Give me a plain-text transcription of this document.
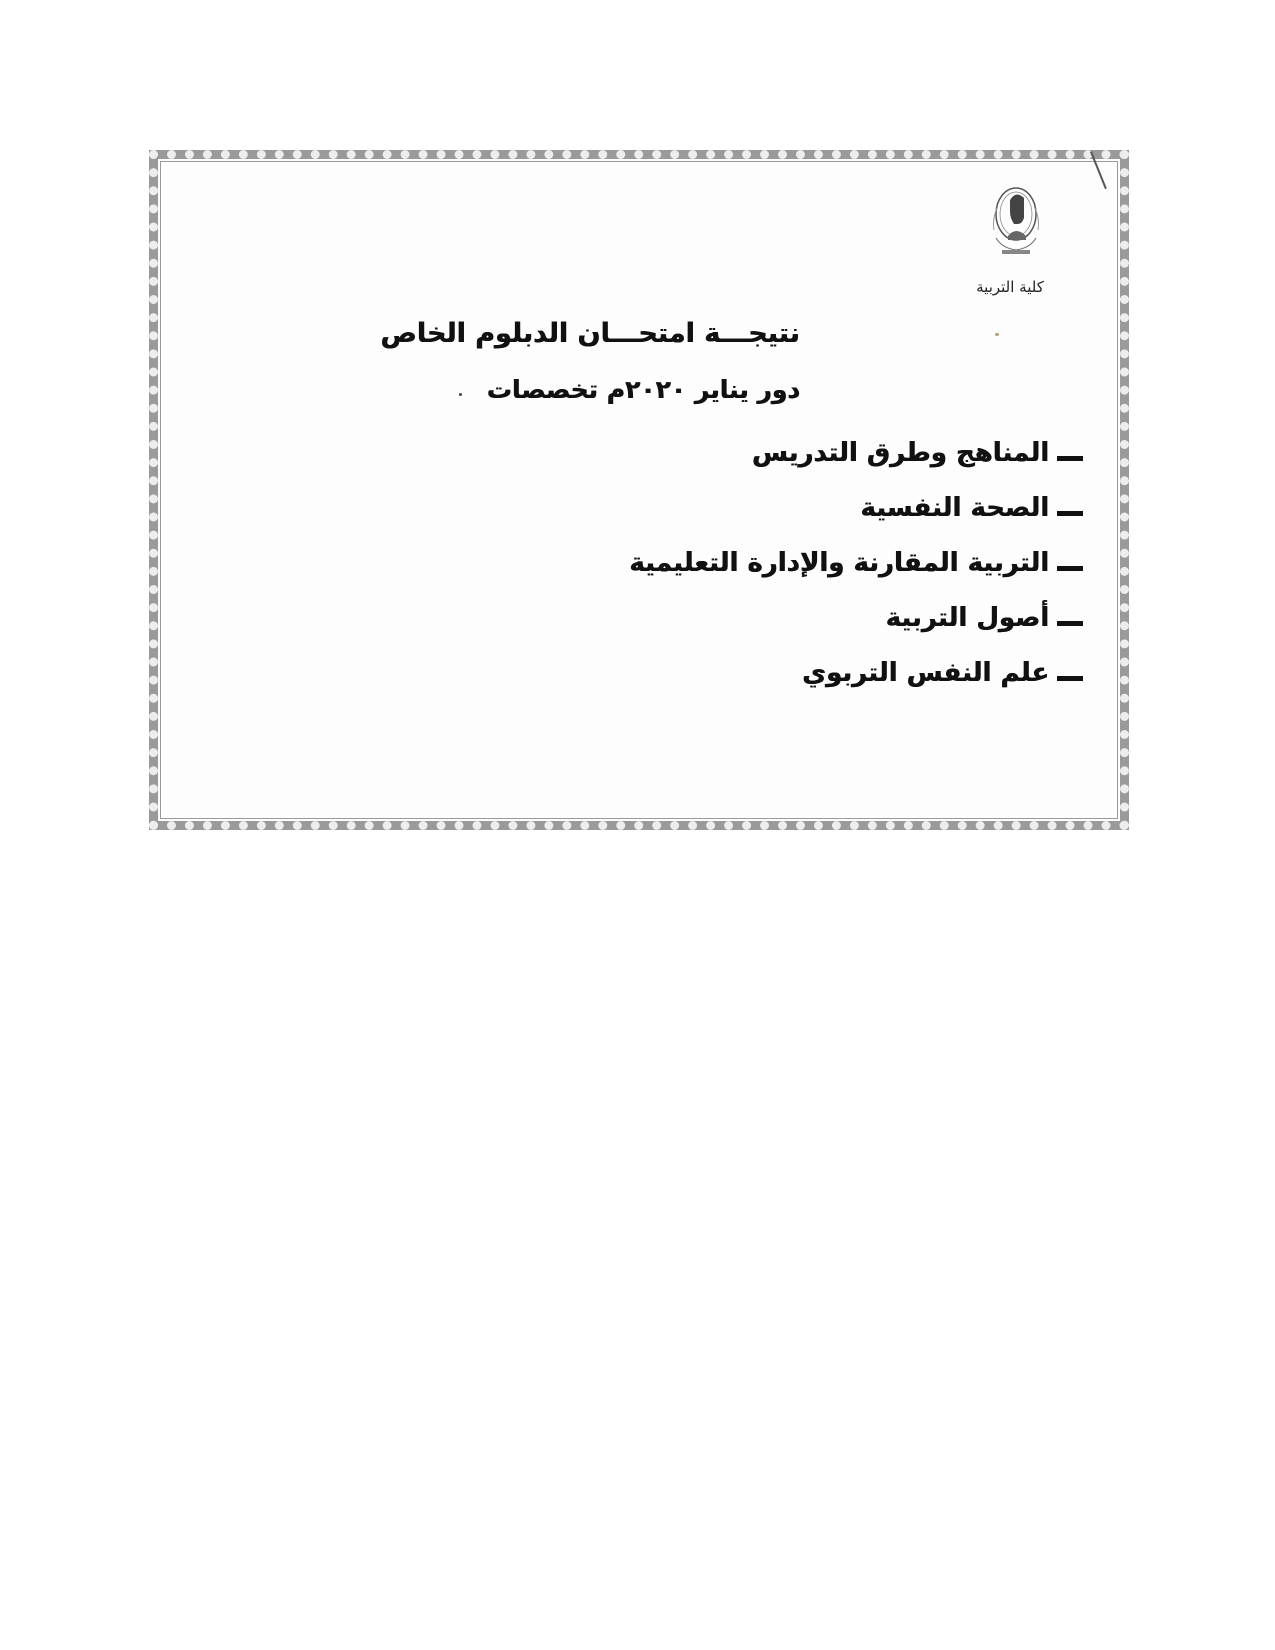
كلية التربية
نتيجـــة امتحـــان الدبلوم الخاص
دور يناير ٢٠٢٠م تخصصات
المناهج وطرق التدريس
الصحة النفسية
التربية المقارنة والإدارة التعليمية
أصول التربية
علم النفس التربوي
